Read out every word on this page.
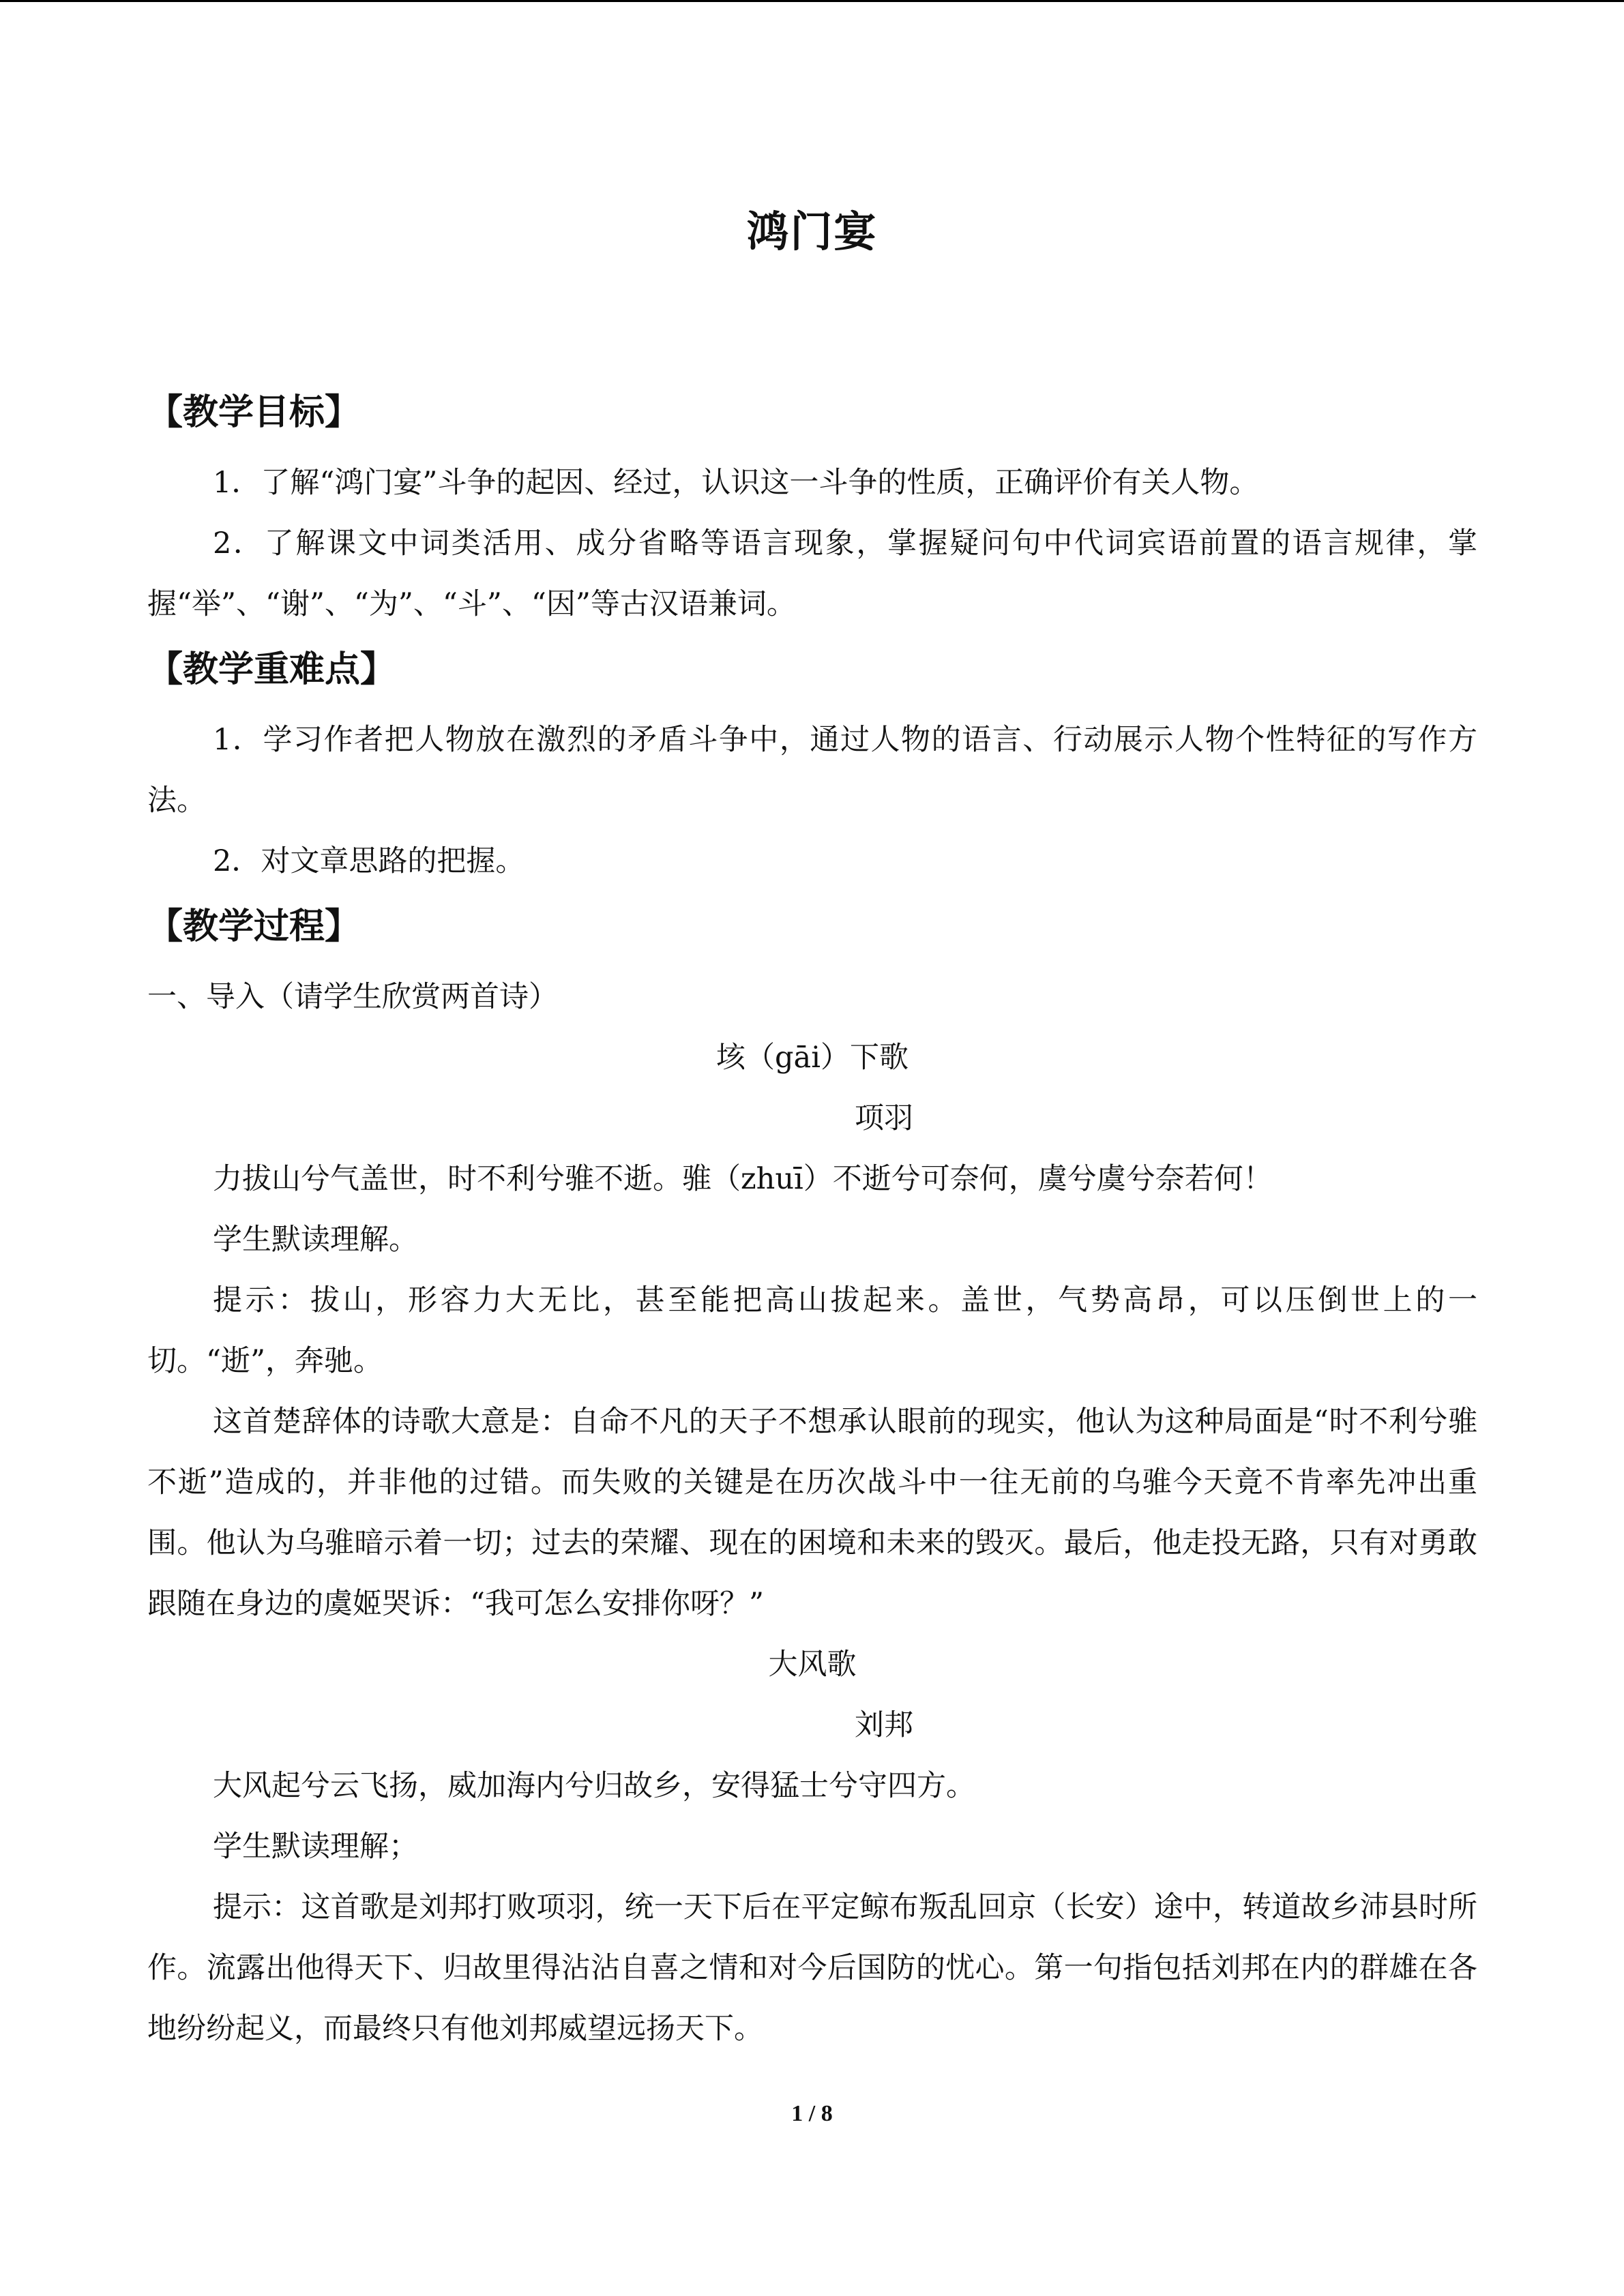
鸿门宴

【教学目标】

1．了解“鸿门宴”斗争的起因、经过，认识这一斗争的性质，正确评价有关人物。

2．了解课文中词类活用、成分省略等语言现象，掌握疑问句中代词宾语前置的语言规律，掌握“举”、“谢”、“为”、“斗”、“因”等古汉语兼词。

【教学重难点】

1．学习作者把人物放在激烈的矛盾斗争中，通过人物的语言、行动展示人物个性特征的写作方法。

2．对文章思路的把握。

【教学过程】

一、导入（请学生欣赏两首诗）

垓（gāi）下歌

项羽

力拔山兮气盖世，时不利兮骓不逝。骓（zhuī）不逝兮可奈何，虞兮虞兮奈若何！

学生默读理解。

提示：拔山，形容力大无比，甚至能把高山拔起来。盖世，气势高昂，可以压倒世上的一切。“逝”，奔驰。

这首楚辞体的诗歌大意是：自命不凡的天子不想承认眼前的现实，他认为这种局面是“时不利兮骓不逝”造成的，并非他的过错。而失败的关键是在历次战斗中一往无前的乌骓今天竟不肯率先冲出重围。他认为乌骓暗示着一切；过去的荣耀、现在的困境和未来的毁灭。最后，他走投无路，只有对勇敢跟随在身边的虞姬哭诉：“我可怎么安排你呀？”

大风歌

刘邦

大风起兮云飞扬，威加海内兮归故乡，安得猛士兮守四方。

学生默读理解；

提示：这首歌是刘邦打败项羽，统一天下后在平定鲸布叛乱回京（长安）途中，转道故乡沛县时所作。流露出他得天下、归故里得沾沾自喜之情和对今后国防的忧心。第一句指包括刘邦在内的群雄在各地纷纷起义，而最终只有他刘邦威望远扬天下。

1 / 8
